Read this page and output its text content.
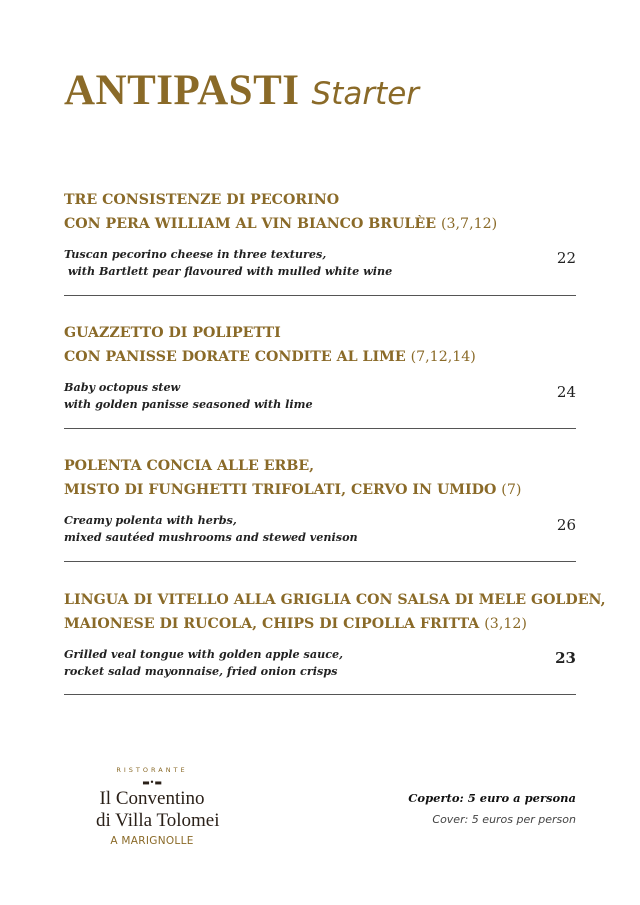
ANTIPASTI Starter
TRE CONSISTENZE DI PECORINO
CON PERA WILLIAM AL VIN BIANCO BRULÈE (3,7,12)
Tuscan pecorino cheese in three textures,
with Bartlett pear flavoured with mulled white wine
22
GUAZZETTO DI POLIPETTI
CON PANISSE DORATE CONDITE AL LIME (7,12,14)
Baby octopus stew
with golden panisse seasoned with lime
24
POLENTA CONCIA ALLE ERBE,
MISTO DI FUNGHETTI TRIFOLATI, CERVO IN UMIDO (7)
Creamy polenta with herbs,
mixed sautéed mushrooms and stewed venison
26
LINGUA DI VITELLO ALLA GRIGLIA CON SALSA DI MELE GOLDEN,
MAIONESE DI RUCOLA, CHIPS DI CIPOLLA FRITTA (3,12)
Grilled veal tongue with golden apple sauce,
rocket salad mayonnaise, fried onion crisps
23
RISTORANTE
▬•▬
Il Conventino
di Villa Tolomei
A MARIGNOLLE
Coperto: 5 euro a persona
Cover: 5 euros per person
